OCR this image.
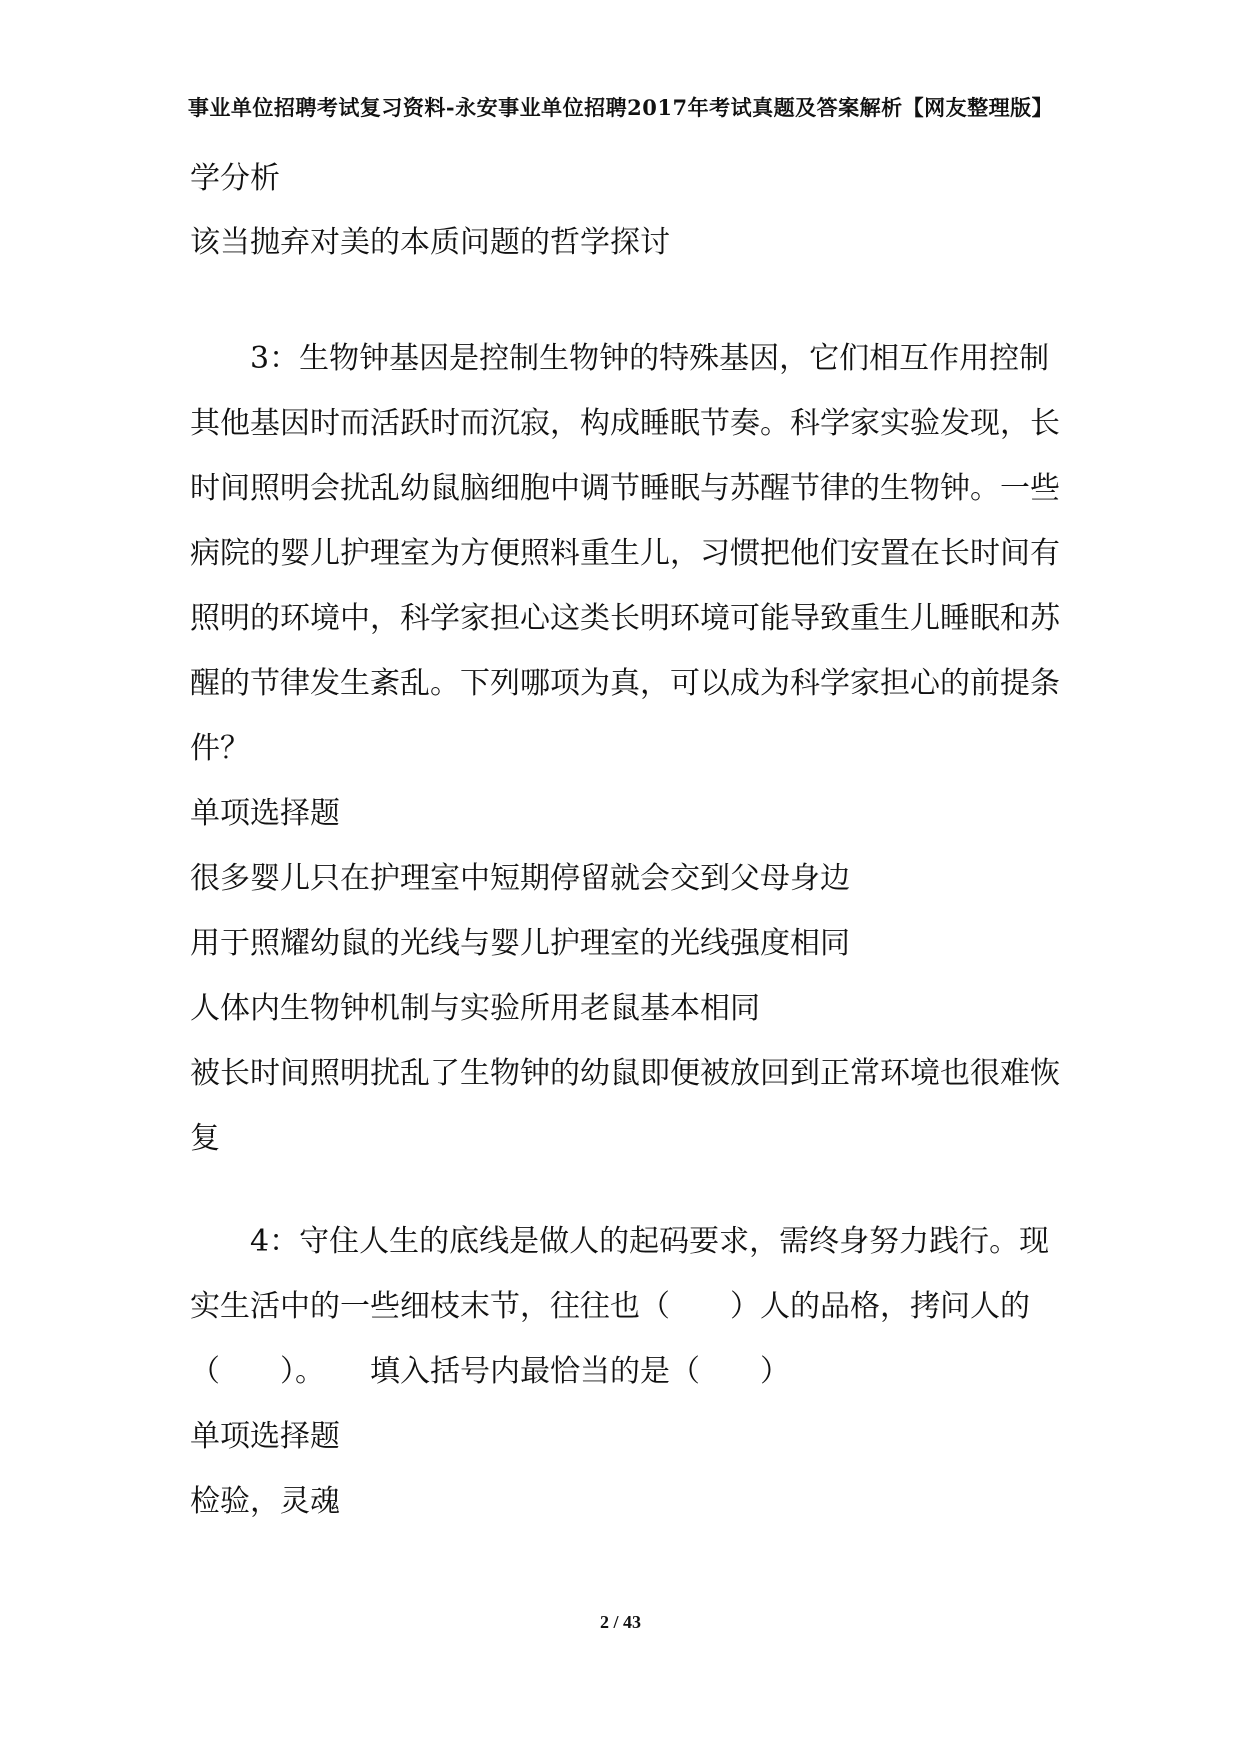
事业单位招聘考试复习资料-永安事业单位招聘2017年考试真题及答案解析【网友整理版】
学分析
该当抛弃对美的本质问题的哲学探讨

3：生物钟基因是控制生物钟的特殊基因，它们相互作用控制其他基因时而活跃时而沉寂，构成睡眠节奏。科学家实验发现，长时间照明会扰乱幼鼠脑细胞中调节睡眠与苏醒节律的生物钟。一些病院的婴儿护理室为方便照料重生儿，习惯把他们安置在长时间有照明的环境中，科学家担心这类长明环境可能导致重生儿睡眠和苏醒的节律发生紊乱。下列哪项为真，可以成为科学家担心的前提条件？

单项选择题

很多婴儿只在护理室中短期停留就会交到父母身边

用于照耀幼鼠的光线与婴儿护理室的光线强度相同

人体内生物钟机制与实验所用老鼠基本相同

被长时间照明扰乱了生物钟的幼鼠即便被放回到正常环境也很难恢复

4：守住人生的底线是做人的起码要求，需终身努力践行。现实生活中的一些细枝末节，往往也（　　）人的品格，拷问人的（　　）。　　填入括号内最恰当的是（　　）

单项选择题

检验，灵魂

2 / 43
